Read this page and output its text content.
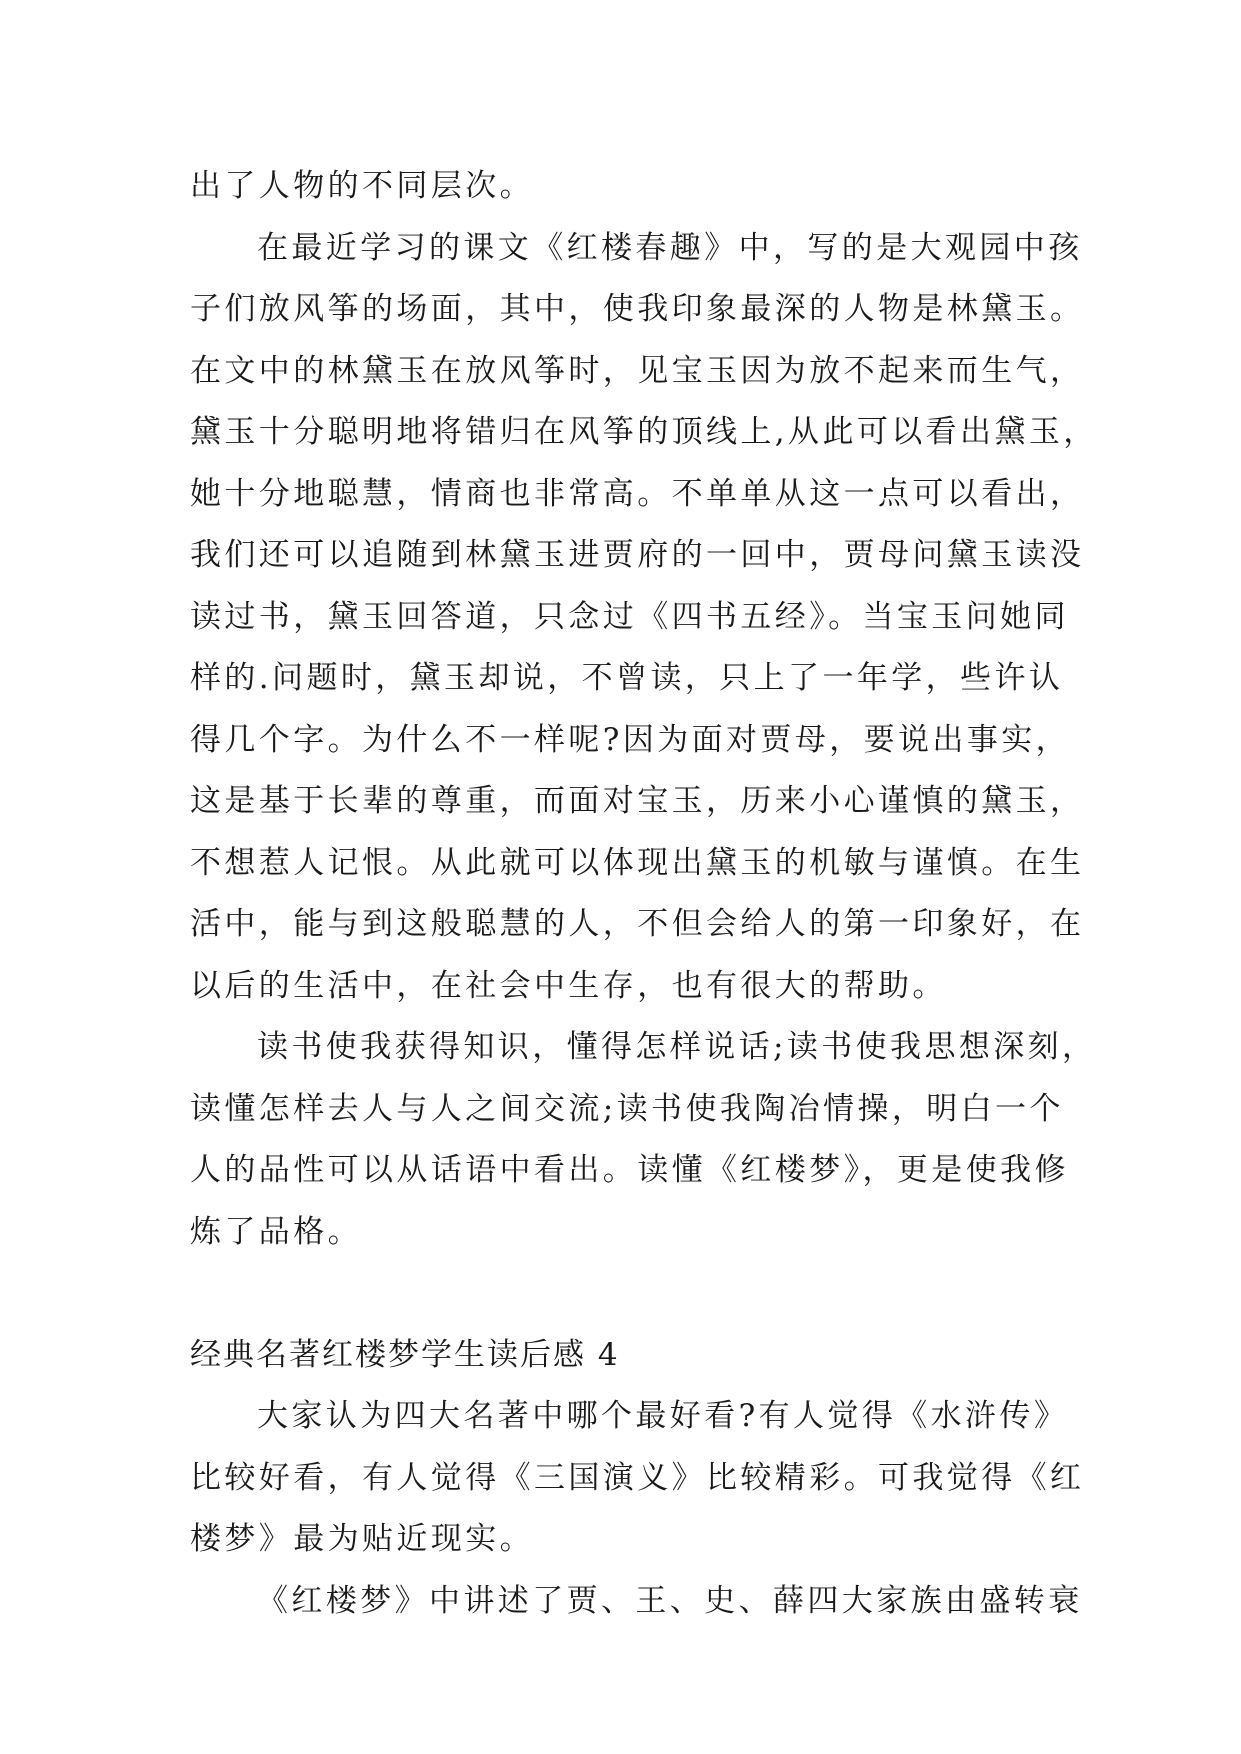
出了人物的不同层次。
在最近学习的课文《红楼春趣》中，写的是大观园中孩
子们放风筝的场面，其中，使我印象最深的人物是林黛玉。
在文中的林黛玉在放风筝时，见宝玉因为放不起来而生气，
黛玉十分聪明地将错归在风筝的顶线上,从此可以看出黛玉，
她十分地聪慧，情商也非常高。不单单从这一点可以看出，
我们还可以追随到林黛玉进贾府的一回中，贾母问黛玉读没
读过书，黛玉回答道，只念过《四书五经》。当宝玉问她同
样的.问题时，黛玉却说，不曾读，只上了一年学，些许认
得几个字。为什么不一样呢?因为面对贾母，要说出事实，
这是基于长辈的尊重，而面对宝玉，历来小心谨慎的黛玉，
不想惹人记恨。从此就可以体现出黛玉的机敏与谨慎。在生
活中，能与到这般聪慧的人，不但会给人的第一印象好，在
以后的生活中，在社会中生存，也有很大的帮助。
读书使我获得知识，懂得怎样说话;读书使我思想深刻，
读懂怎样去人与人之间交流;读书使我陶冶情操，明白一个
人的品性可以从话语中看出。读懂《红楼梦》，更是使我修
炼了品格。
经典名著红楼梦学生读后感 4
大家认为四大名著中哪个最好看?有人觉得《水浒传》
比较好看，有人觉得《三国演义》比较精彩。可我觉得《红
楼梦》最为贴近现实。
《红楼梦》中讲述了贾、王、史、薛四大家族由盛转衰
